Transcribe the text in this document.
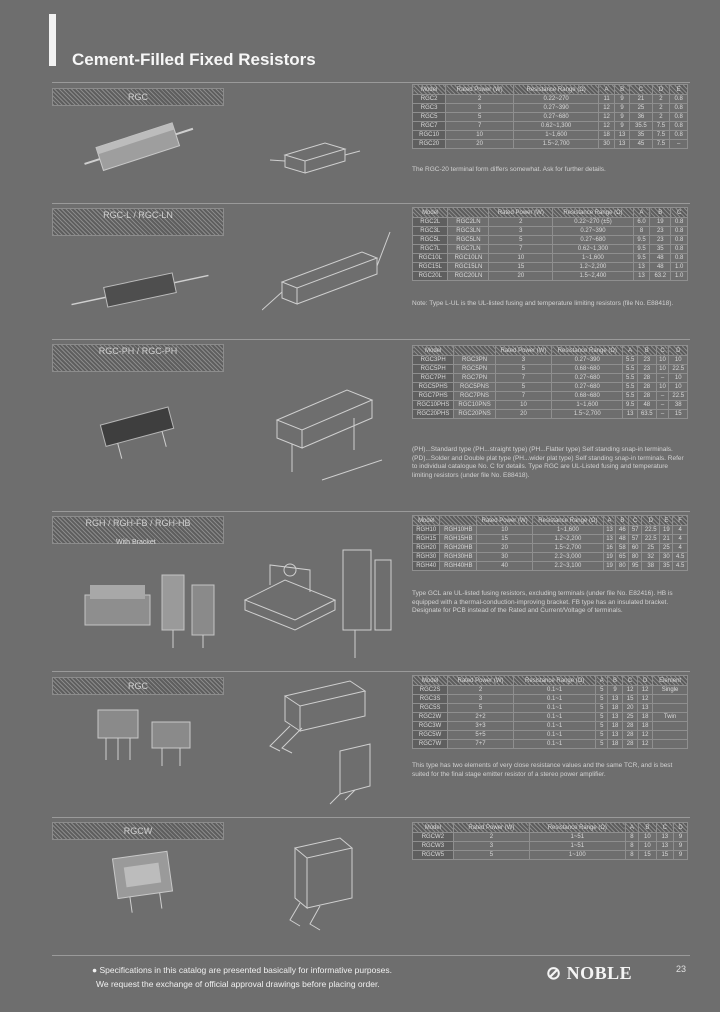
Cement-Filled Fixed Resistors
RGC
RGC-L / RGC-LN
RGC-PH / RGC-PH
RGH / RGH-FB / RGH-HB
With Bracket
RGC
RGCW
Model	Rated Power (W)	Resistance Range (Ω)	A	B	C	D	E
RGC2	2	0.22~270	11	9	21	2	0.8
RGC3	3	0.27~390	12	9	25	2	0.8
RGC5	5	0.27~680	12	9	36	2	0.8
RGC7	7	0.62~1,300	12	9	35.5	7.5	0.8
RGC10	10	1~1,600	18	13	35	7.5	0.8
RGC20	20	1.5~2,700	30	13	45	7.5	–
The RGC-20 terminal form differs somewhat. Ask for further details.
Model		Rated Power (W)	Resistance Range (Ω)	A	B	C
RGC2L	RGC2LN	2	0.22~270 (±5)	6.0	19	0.8
RGC3L	RGC3LN	3	0.27~390	8	23	0.8
RGC5L	RGC5LN	5	0.27~680	9.5	23	0.8
RGC7L	RGC7LN	7	0.62~1,300	9.5	35	0.8
RGC10L	RGC10LN	10	1~1,600	9.5	48	0.8
RGC15L	RGC15LN	15	1.2~2,200	13	48	1.0
RGC20L	RGC20LN	20	1.5~2,400	13	63.2	1.0
Note: Type L-UL is the UL-listed fusing and temperature limiting resistors (file No. E88418).
Model		Rated Power (W)	Resistance Range (Ω)	A	B	C	D
RGC3PH	RGC3PN	3	0.27~390	5.5	23	10	10
RGC5PH	RGC5PN	5	0.68~680	5.5	23	10	22.5
RGC7PH	RGC7PN	7	0.27~680	5.5	28	–	10
RGC5PHS	RGC5PNS	5	0.27~680	5.5	28	10	10
RGC7PHS	RGC7PNS	7	0.68~680	5.5	28	–	22.5
RGC10PHS	RGC10PNS	10	1~1,600	9.5	48	–	38
RGC20PHS	RGC20PNS	20	1.5~2,700	13	63.5	–	15
(PH)...Standard type (PH...straight type) (PH...Flatter type) Self standing snap-in terminals. (PD)...Solder and Double plat type (PH...wider plat type) Self standing snap-in terminals. Refer to individual catalogue No. C for details. Type RGC are UL-Listed fusing and temperature limiting resistors (under file No. E88418).
Model		Rated Power (W)	Resistance Range (Ω)	A	B	C	D	E	F
RGH10	RGH10HB	10	1~1,600	13	46	57	22.5	19	4
RGH15	RGH15HB	15	1.2~2,200	13	48	57	22.5	21	4
RGH20	RGH20HB	20	1.5~2,700	16	58	60	25	25	4
RGH30	RGH30HB	30	2.2~3,000	19	65	80	32	30	4.5
RGH40	RGH40HB	40	2.2~3,100	19	80	95	38	35	4.5
Type GCL are UL-listed fusing resistors, excluding terminals (under file No. E82416). HB is equipped with a thermal-conduction-improving bracket. FB type has an insulated bracket. Designate for PCB instead of the Rated and Current/Voltage of terminals.
Model	Rated Power (W)	Resistance Range (Ω)	A	B	C	D	Element
RGC2S	2	0.1~1	5	9	12	12	Single
RGC3S	3	0.1~1	5	13	15	12	
RGC5S	5	0.1~1	5	18	20	13	
RGC2W	2+2	0.1~1	5	13	25	18	Twin
RGC3W	3+3	0.1~1	5	18	28	18	
RGC5W	5+5	0.1~1	5	13	28	12	
RGC7W	7+7	0.1~1	5	18	28	12	
This type has two elements of very close resistance values and the same TCR, and is best suited for the final stage emitter resistor of a stereo power amplifier.
Model	Rated Power (W)	Resistance Range (Ω)	A	B	C	D
RGCW2	2	1~51	8	10	13	9
RGCW3	3	1~51	8	10	13	9
RGCW5	5	1~100	8	15	15	9
● Specifications in this catalog are presented basically for informative purposes.
We request the exchange of official approval drawings before placing order.
⊘ NOBLE	23
